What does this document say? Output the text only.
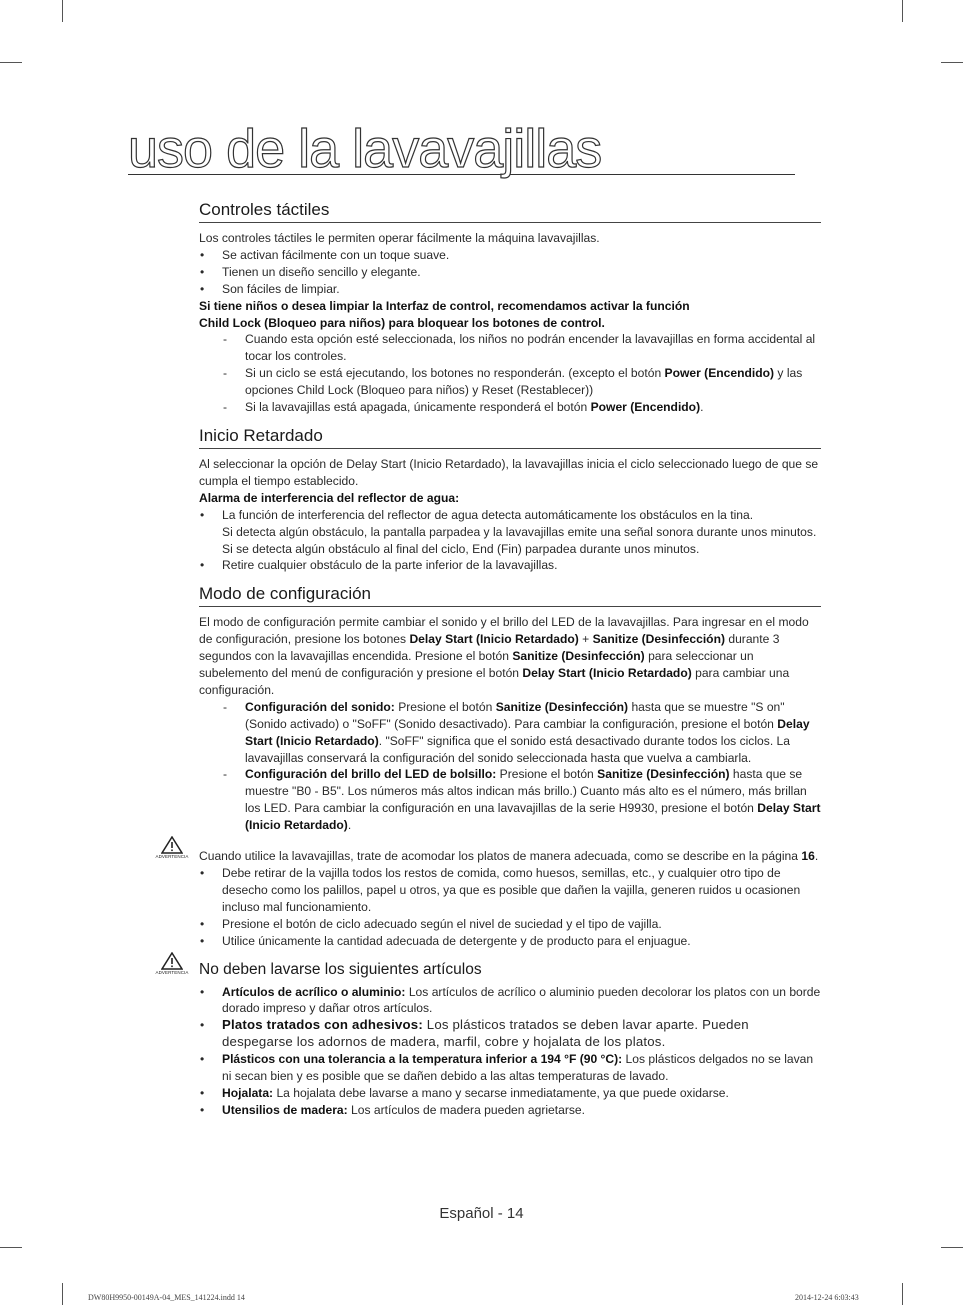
uso de la lavavajillas
Controles táctiles

Los controles táctiles le permiten operar fácilmente la máquina lavavajillas.

• Se activan fácilmente con un toque suave.
• Tienen un diseño sencillo y elegante.
• Son fáciles de limpiar.

Si tiene niños o desea limpiar la Interfaz de control, recomendamos activar la función

Child Lock (Bloqueo para niños) para bloquear los botones de control.

- Cuando esta opción esté seleccionada, los niños no podrán encender la lavavajillas en forma accidental al tocar los controles.
- Si un ciclo se está ejecutando, los botones no responderán. (excepto el botón Power (Encendido) y las opciones Child Lock (Bloqueo para niños) y Reset (Restablecer))
- Si la lavavajillas está apagada, únicamente responderá el botón Power (Encendido).
Inicio Retardado

Al seleccionar la opción de Delay Start (Inicio Retardado), la lavavajillas inicia el ciclo seleccionado luego de que se cumpla el tiempo establecido.

Alarma de interferencia del reflector de agua:

• La función de interferencia del reflector de agua detecta automáticamente los obstáculos en la tina.
Si detecta algún obstáculo, la pantalla parpadea y la lavavajillas emite una señal sonora durante unos minutos. Si se detecta algún obstáculo al final del ciclo, End (Fin) parpadea durante unos minutos.
• Retire cualquier obstáculo de la parte inferior de la lavavajillas.
Modo de configuración

El modo de configuración permite cambiar el sonido y el brillo del LED de la lavavajillas. Para ingresar en el modo de configuración, presione los botones Delay Start (Inicio Retardado) + Sanitize (Desinfección) durante 3 segundos con la lavavajillas encendida. Presione el botón Sanitize (Desinfección) para seleccionar un subelemento del menú de configuración y presione el botón Delay Start (Inicio Retardado) para cambiar una configuración.

- Configuración del sonido: Presione el botón Sanitize (Desinfección) hasta que se muestre "S on" (Sonido activado) o "SoFF" (Sonido desactivado). Para cambiar la configuración, presione el botón Delay Start (Inicio Retardado). "SoFF" significa que el sonido está desactivado durante todos los ciclos. La lavavajillas conservará la configuración del sonido seleccionada hasta que vuelva a cambiarla.
- Configuración del brillo del LED de bolsillo: Presione el botón Sanitize (Desinfección) hasta que se muestre "B0 - B5". Los números más altos indican más brillo.) Cuanto más alto es el número, más brillan los LED. Para cambiar la configuración en una lavavajillas de la serie H9930, presione el botón Delay Start (Inicio Retardado).
ADVERTENCIA Cuando utilice la lavavajillas, trate de acomodar los platos de manera adecuada, como se describe en la página 16.

• Debe retirar de la vajilla todos los restos de comida, como huesos, semillas, etc., y cualquier otro tipo de desecho como los palillos, papel u otros, ya que es posible que dañen la vajilla, generen ruidos u ocasionen incluso mal funcionamiento.
• Presione el botón de ciclo adecuado según el nivel de suciedad y el tipo de vajilla.
• Utilice únicamente la cantidad adecuada de detergente y de producto para el enjuague.
ADVERTENCIA No deben lavarse los siguientes artículos
• Artículos de acrílico o aluminio: Los artículos de acrílico o aluminio pueden decolorar los platos con un borde dorado impreso y dañar otros artículos.
• Platos tratados con adhesivos: Los plásticos tratados se deben lavar aparte. Pueden despegarse los adornos de madera, marfil, cobre y hojalata de los platos.
• Plásticos con una tolerancia a la temperatura inferior a 194 °F (90 °C): Los plásticos delgados no se lavan ni secan bien y es posible que se dañen debido a las altas temperaturas de lavado.
• Hojalata: La hojalata debe lavarse a mano y secarse inmediatamente, ya que puede oxidarse.
• Utensilios de madera: Los artículos de madera pueden agrietarse.
Español - 14
DW80H9950-00149A-04_MES_141224.indd 14	2014-12-24 6:03:43
